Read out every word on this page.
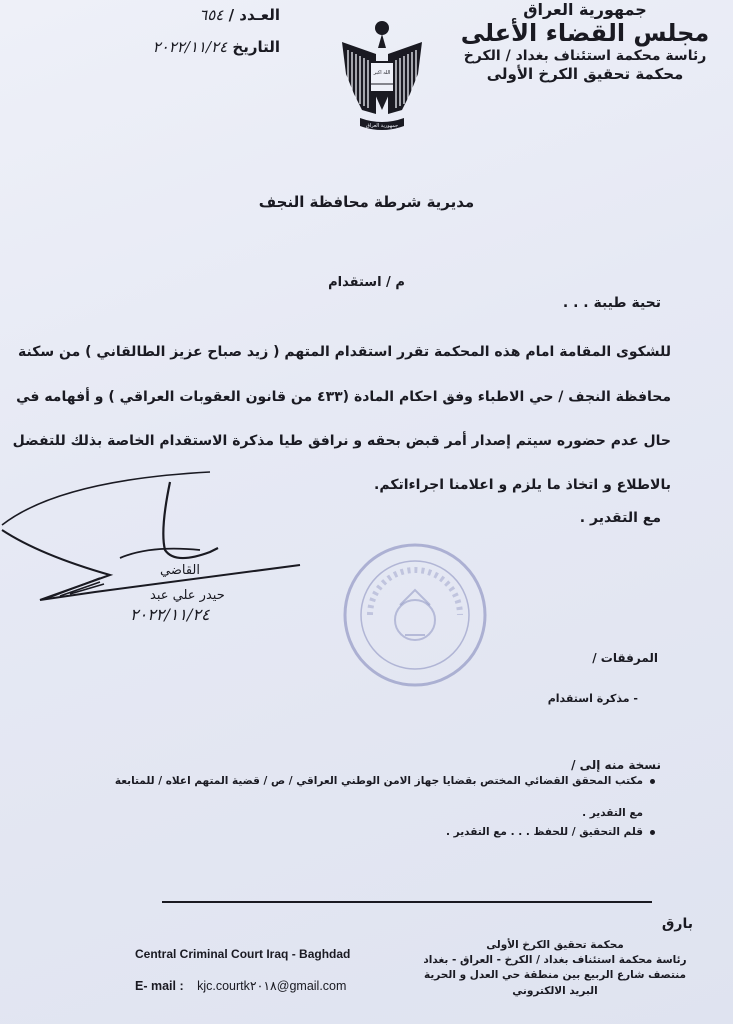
جمهورية العراق
مجلس القضاء الأعلى
رئاسة محكمة استئناف بغداد / الكرخ
محكمة تحقيق الكرخ الأولى
الله اكبر
جمهورية العراق
العـدد / ٦٥٤
التاريخ ٢٠٢٢/١١/٢٤
مديرية شرطة محافظة النجف
م / استقدام
تحية طيبة . . .
للشكوى المقامة امام هذه المحكمة تقرر استقدام المتهم ( زيد صباح عزيز الطالقاني ) من سكنة
محافظة النجف / حي الاطباء وفق احكام المادة (٤٣٣ من قانون العقوبات العراقي ) و أفهامه في
حال عدم حضوره سيتم إصدار أمر قبض بحقه و نرافق طيا مذكرة الاستقدام الخاصة بذلك للتفضل
بالاطلاع و اتخاذ ما يلزم و اعلامنا اجراءاتكم.
مع التقدير .
القاضي
حيدر علي عبد
٢٠٢٢/١١/٢٤
المرفقات /
- مذكرة استقدام
نسخة منه إلى /
مكتب المحقق القضائي المختص بقضايا جهاز الامن الوطني العراقي / ص / قضية المتهم اعلاه / للمتابعة
مع التقدير .
قلم التحقيق / للحفظ . . . مع التقدير .
بارق
Central Criminal Court Iraq - Baghdad
E- mail : kjc.courtk٢٠١٨@gmail.com
محكمة تحقيق الكرخ الأولى
رئاسة محكمة استئناف بغداد / الكرخ - العراق - بغداد
منتصف شارع الربيع بين منطقة حي العدل و الحرية
البريد الالكتروني
